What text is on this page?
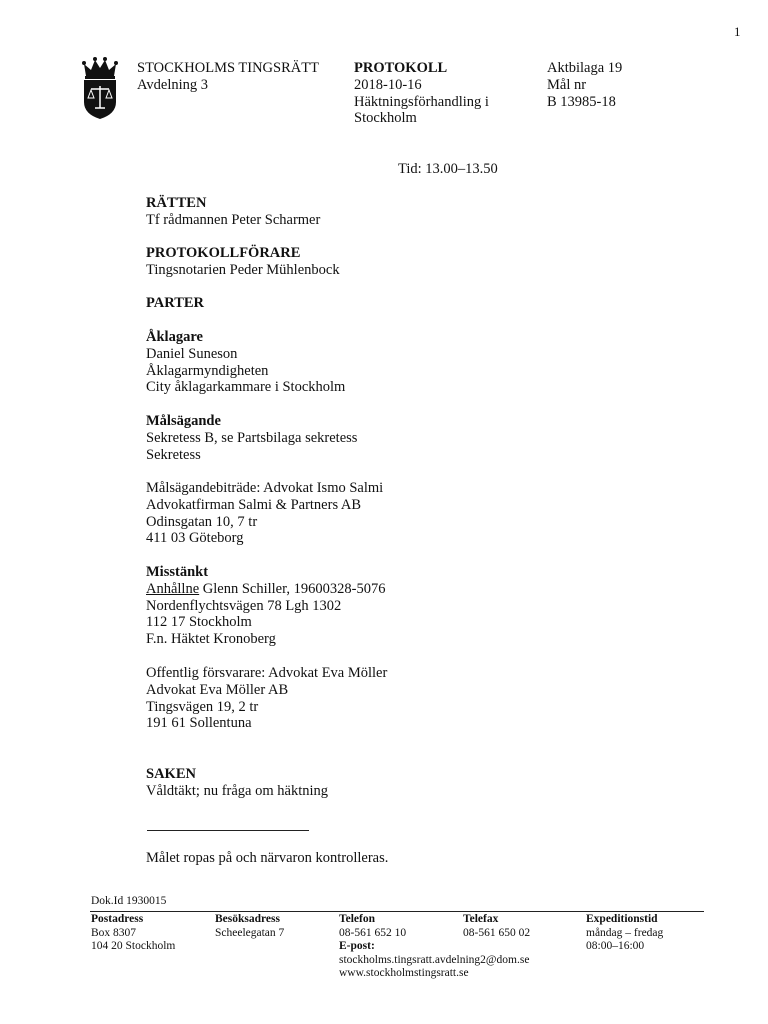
1
STOCKHOLMS TINGSRÄTT
Avdelning 3
PROTOKOLL
2018-10-16
Häktningsförhandling i
Stockholm
Aktbilaga 19
Mål nr
B 13985-18
Tid: 13.00–13.50
RÄTTEN
Tf rådmannen Peter Scharmer
PROTOKOLLFÖRARE
Tingsnotarien Peder Mühlenbock
PARTER
Åklagare
Daniel Suneson
Åklagarmyndigheten
City åklagarkammare i Stockholm
Målsägande
Sekretess B, se Partsbilaga sekretess
Sekretess
Målsägandebiträde: Advokat Ismo Salmi
Advokatfirman Salmi & Partners AB
Odinsgatan 10, 7 tr
411 03 Göteborg
Misstänkt
Anhållne Glenn Schiller, 19600328-5076
Nordenflychtsvägen 78 Lgh 1302
112 17 Stockholm
F.n. Häktet Kronoberg
Offentlig försvarare: Advokat Eva Möller
Advokat Eva Möller AB
Tingsvägen 19, 2 tr
191 61 Sollentuna
SAKEN
Våldtäkt; nu fråga om häktning
Målet ropas på och närvaron kontrolleras.
Dok.Id 1930015
Postadress
Box 8307
104 20 Stockholm
Besöksadress
Scheelegatan 7
Telefon
08-561 652 10
E-post:
stockholms.tingsratt.avdelning2@dom.se
www.stockholmstingsratt.se
Telefax
08-561 650 02
Expeditionstid
måndag – fredag
08:00–16:00
